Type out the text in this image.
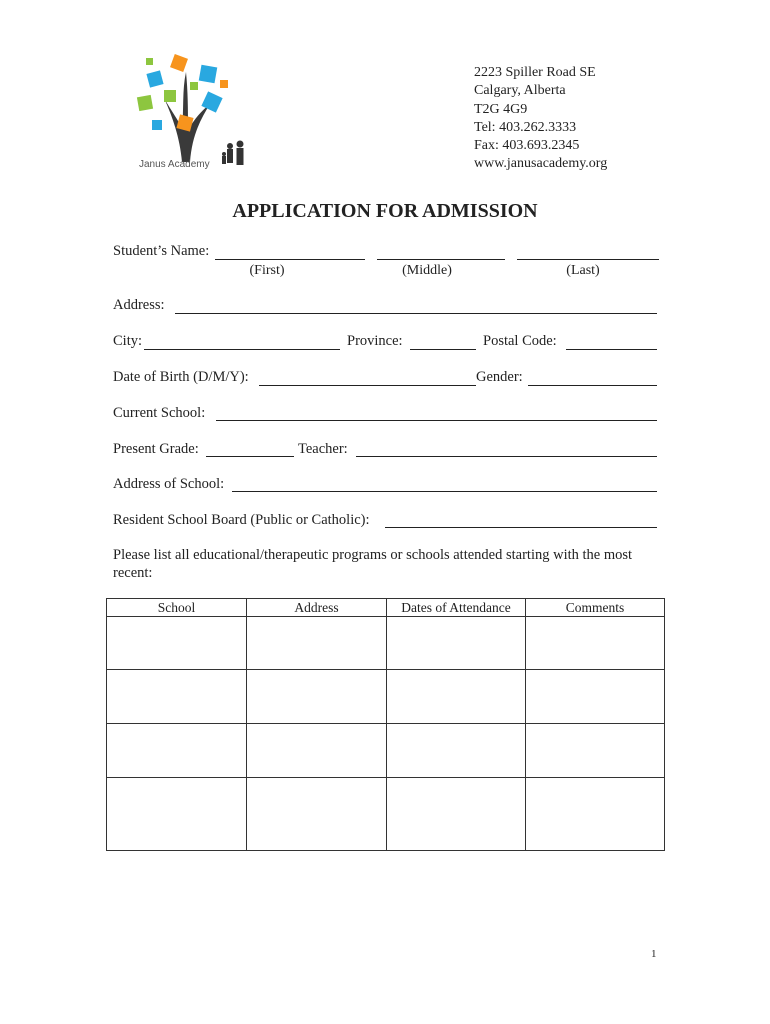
Janus Academy
2223 Spiller Road SE
Calgary, Alberta
T2G 4G9
Tel: 403.262.3333
Fax: 403.693.2345
www.janusacademy.org
APPLICATION FOR ADMISSION
Student’s Name:
(First)	(Middle)	(Last)
Address:
City:	Province:	Postal Code:
Date of Birth (D/M/Y):	Gender:
Current School:
Present Grade:	Teacher:
Address of School:
Resident School Board (Public or Catholic):
Please list all educational/therapeutic programs or schools attended starting with the most recent:
School	Address	Dates of Attendance	Comments

1
